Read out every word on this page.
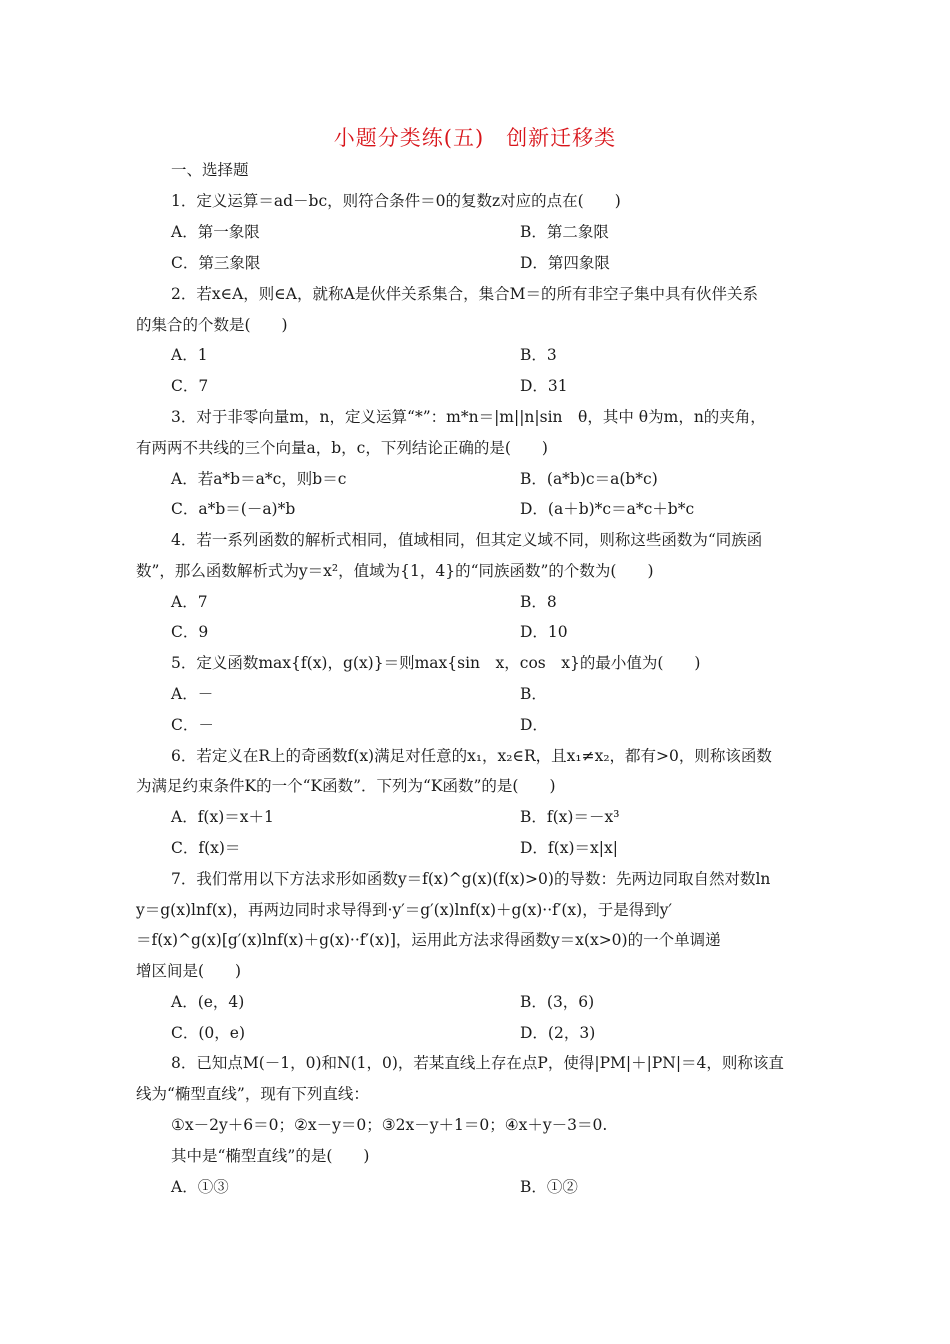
小题分类练(五) 创新迁移类
一、选择题
1．定义运算＝ad－bc，则符合条件＝0的复数z对应的点在(　　)
A．第一象限	B．第二象限
C．第三象限	D．第四象限
2．若x∈A，则∈A，就称A是伙伴关系集合，集合M＝的所有非空子集中具有伙伴关系
的集合的个数是(　　)
A．1	B．3
C．7	D．31
3．对于非零向量m，n，定义运算“*”：m*n＝|m||n|sin　θ，其中 θ为m，n的夹角，
有两两不共线的三个向量a，b，c，下列结论正确的是(　　)
A．若a*b＝a*c，则b＝c	B．(a*b)c＝a(b*c)
C．a*b＝(－a)*b	D．(a＋b)*c＝a*c＋b*c
4．若一系列函数的解析式相同，值域相同，但其定义域不同，则称这些函数为“同族函
数”，那么函数解析式为y＝x²，值域为{1，4}的“同族函数”的个数为(　　)
A．7	B．8
C．9	D．10
5．定义函数max{f(x)，g(x)}＝则max{sin　x，cos　x}的最小值为(　　)
A．－	B．
C．－	D．
6．若定义在R上的奇函数f(x)满足对任意的x₁，x₂∈R，且x₁≠x₂，都有>0，则称该函数
为满足约束条件K的一个“K函数”．下列为“K函数”的是(　　)
A．f(x)＝x＋1	B．f(x)＝－x³
C．f(x)＝	D．f(x)＝x|x|
7．我们常用以下方法求形如函数y＝f(x)^g(x)(f(x)>0)的导数：先两边同取自然对数ln
y＝g(x)lnf(x)，再两边同时求导得到·y′＝g′(x)lnf(x)＋g(x)··f′(x)，于是得到y′
＝f(x)^g(x)[g′(x)lnf(x)＋g(x)··f′(x)]，运用此方法求得函数y＝x(x>0)的一个单调递
增区间是(　　)
A．(e，4)	B．(3，6)
C．(0，e)	D．(2，3)
8．已知点M(－1，0)和N(1，0)，若某直线上存在点P，使得|PM|＋|PN|＝4，则称该直
线为“椭型直线”，现有下列直线：
①x－2y＋6＝0；②x－y＝0；③2x－y＋1＝0；④x＋y－3＝0.
其中是“椭型直线”的是(　　)
A．①③	B．①②
